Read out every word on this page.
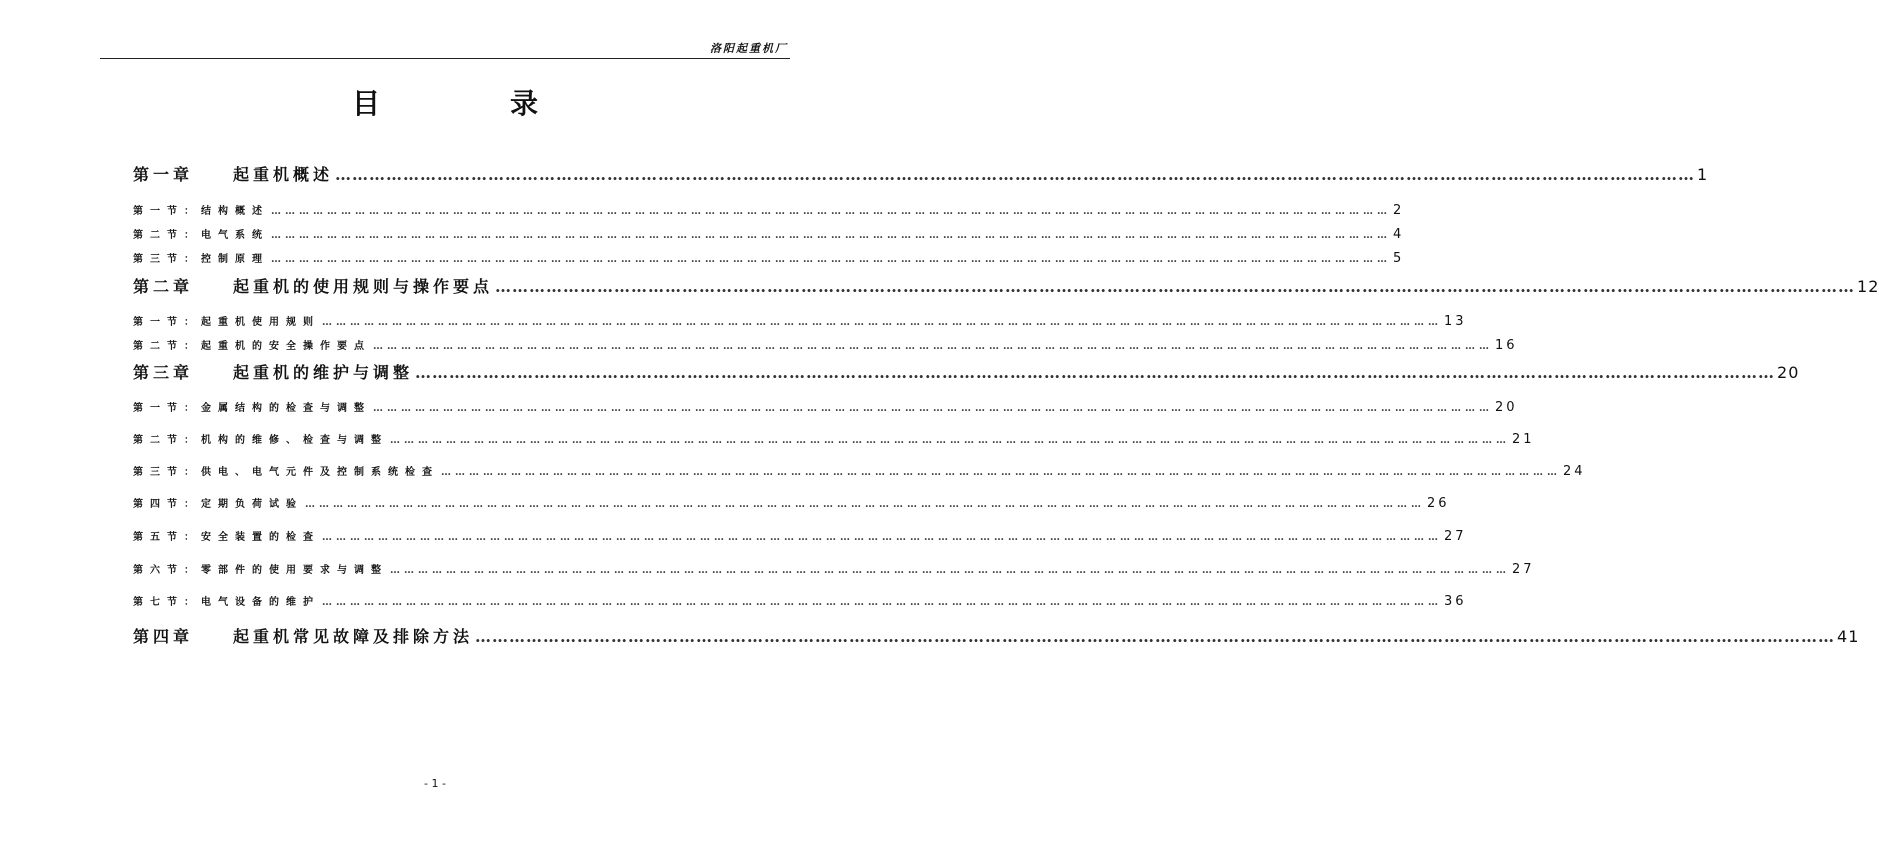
洛阳起重机厂
目	录
第一章	起重机概述 …………………………………………………………………………………………………………………………………………………………………………………………………………………… 1
第一节：结构概述 …………………………………………………………………………………………………………………………………………………………………………………………………………………… 2
第二节：电气系统 …………………………………………………………………………………………………………………………………………………………………………………………………………………… 4
第三节：控制原理 …………………………………………………………………………………………………………………………………………………………………………………………………………………… 5
第二章	起重机的使用规则与操作要点 …………………………………………………………………………………………………………………………………………………………………………………………………………………… 12
第一节：起重机使用规则 …………………………………………………………………………………………………………………………………………………………………………………………………………………… 13
第二节：起重机的安全操作要点 …………………………………………………………………………………………………………………………………………………………………………………………………………………… 16
第三章	起重机的维护与调整 …………………………………………………………………………………………………………………………………………………………………………………………………………………… 20
第一节：金属结构的检查与调整 …………………………………………………………………………………………………………………………………………………………………………………………………………………… 20
第二节：机构的维修、检查与调整 …………………………………………………………………………………………………………………………………………………………………………………………………………………… 21
第三节：供电、电气元件及控制系统检查 …………………………………………………………………………………………………………………………………………………………………………………………………………………… 24
第四节：定期负荷试验 …………………………………………………………………………………………………………………………………………………………………………………………………………………… 26
第五节：安全装置的检查 …………………………………………………………………………………………………………………………………………………………………………………………………………………… 27
第六节：零部件的使用要求与调整 …………………………………………………………………………………………………………………………………………………………………………………………………………………… 27
第七节：电气设备的维护 …………………………………………………………………………………………………………………………………………………………………………………………………………………… 36
第四章	起重机常见故障及排除方法 …………………………………………………………………………………………………………………………………………………………………………………………………………………… 41
- 1 -
